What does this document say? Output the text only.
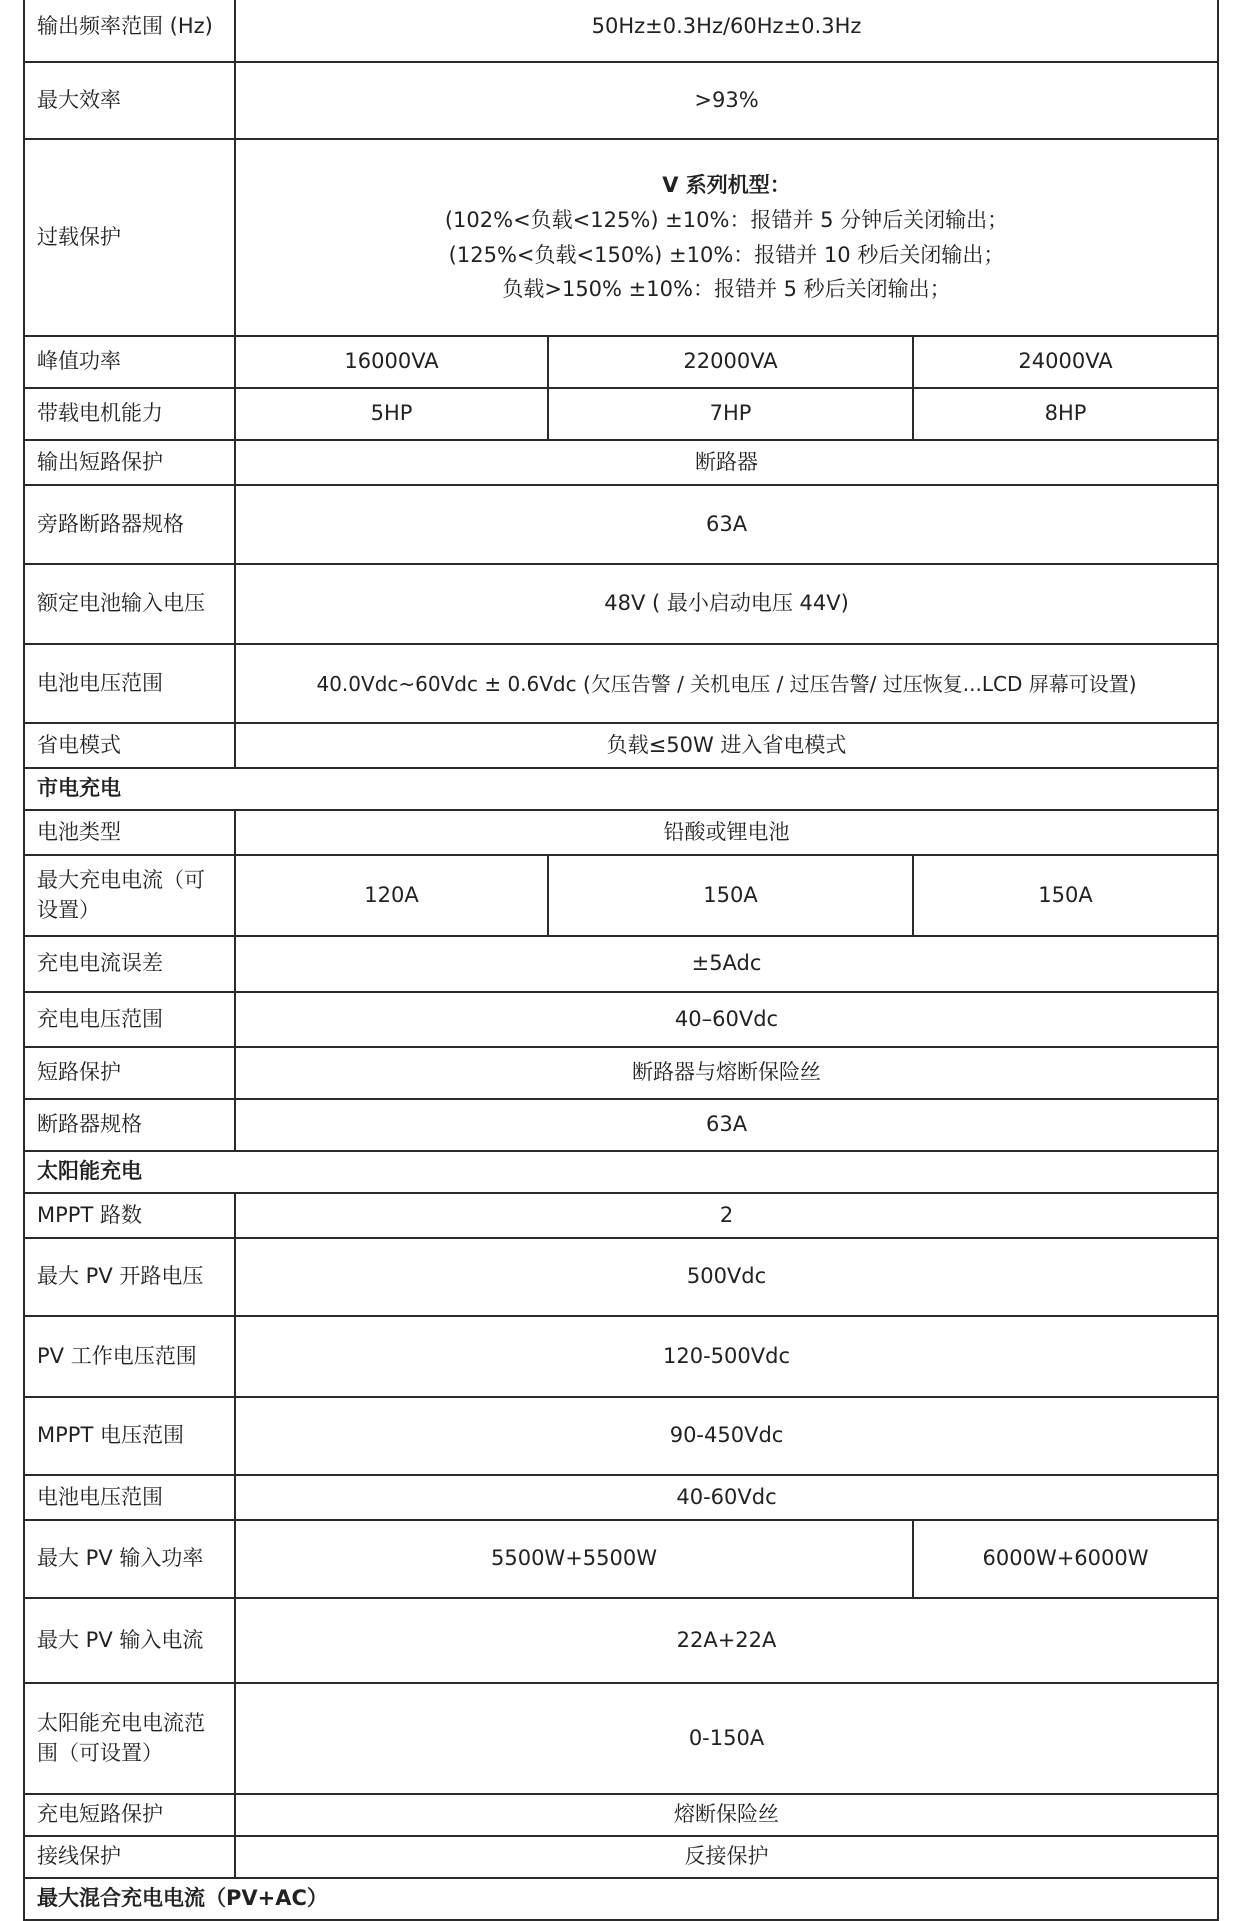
输出频率范围 (Hz)	50Hz±0.3Hz/60Hz±0.3Hz		
最大效率	>93%		
过载保护	V 系列机型：
(102%<负载<125%) ±10%：报错并 5 分钟后关闭输出；
(125%<负载<150%) ±10%：报错并 10 秒后关闭输出；
负载>150% ±10%：报错并 5 秒后关闭输出；		

峰值功率	16000VA	22000VA	24000VA
带载电机能力	5HP	7HP	8HP
输出短路保护	断路器		
旁路断路器规格	63A		
额定电池输入电压	48V ( 最小启动电压 44V)		
电池电压范围	40.0Vdc~60Vdc ± 0.6Vdc (欠压告警 / 关机电压 / 过压告警/ 过压恢复...LCD 屏幕可设置)		
省电模式	负载≤50W 进入省电模式		
市电充电			
电池类型	铅酸或锂电池		
最大充电电流（可设置）	120A	150A	150A
充电电流误差	±5Adc		
充电电压范围	40–60Vdc		
短路保护	断路器与熔断保险丝		
断路器规格	63A		
太阳能充电			
MPPT 路数	2		
最大 PV 开路电压	500Vdc		
PV 工作电压范围	120-500Vdc		
MPPT 电压范围	90-450Vdc		
电池电压范围	40-60Vdc		
最大 PV 输入功率	5500W+5500W		6000W+6000W
最大 PV 输入电流	22A+22A		
太阳能充电电流范围（可设置）	0-150A		
充电短路保护	熔断保险丝		
接线保护	反接保护		
最大混合充电电流（PV+AC）			
